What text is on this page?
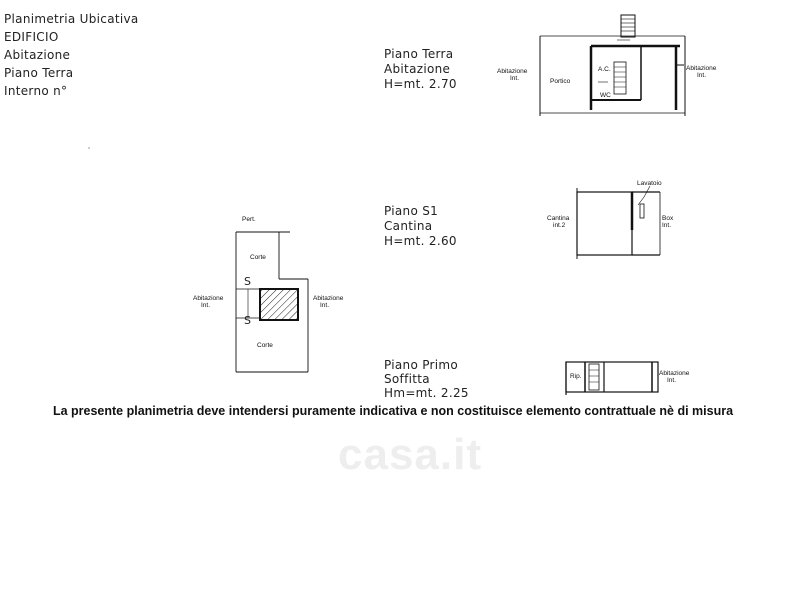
Planimetria Ubicativa
EDIFICIO
Abitazione
Piano Terra
Interno n°
Piano Terra
Abitazione
H=mt. 2.70
Piano S1
Cantina
H=mt. 2.60
Piano Primo
Soffitta
Hm=mt. 2.25
Abitazione
Int.	Portico
A.C.
WC
Abitazione
Int.
Lavatoio
Cantina
int.2
Box
Int.
Rip.	Abitazione
Int.
Pert.
Corte
Abitazione
Int.
Abitazione
Int.
Corte
S
S
La presente planimetria deve intendersi puramente indicativa e non costituisce elemento contrattuale nè di misura
casa.it
